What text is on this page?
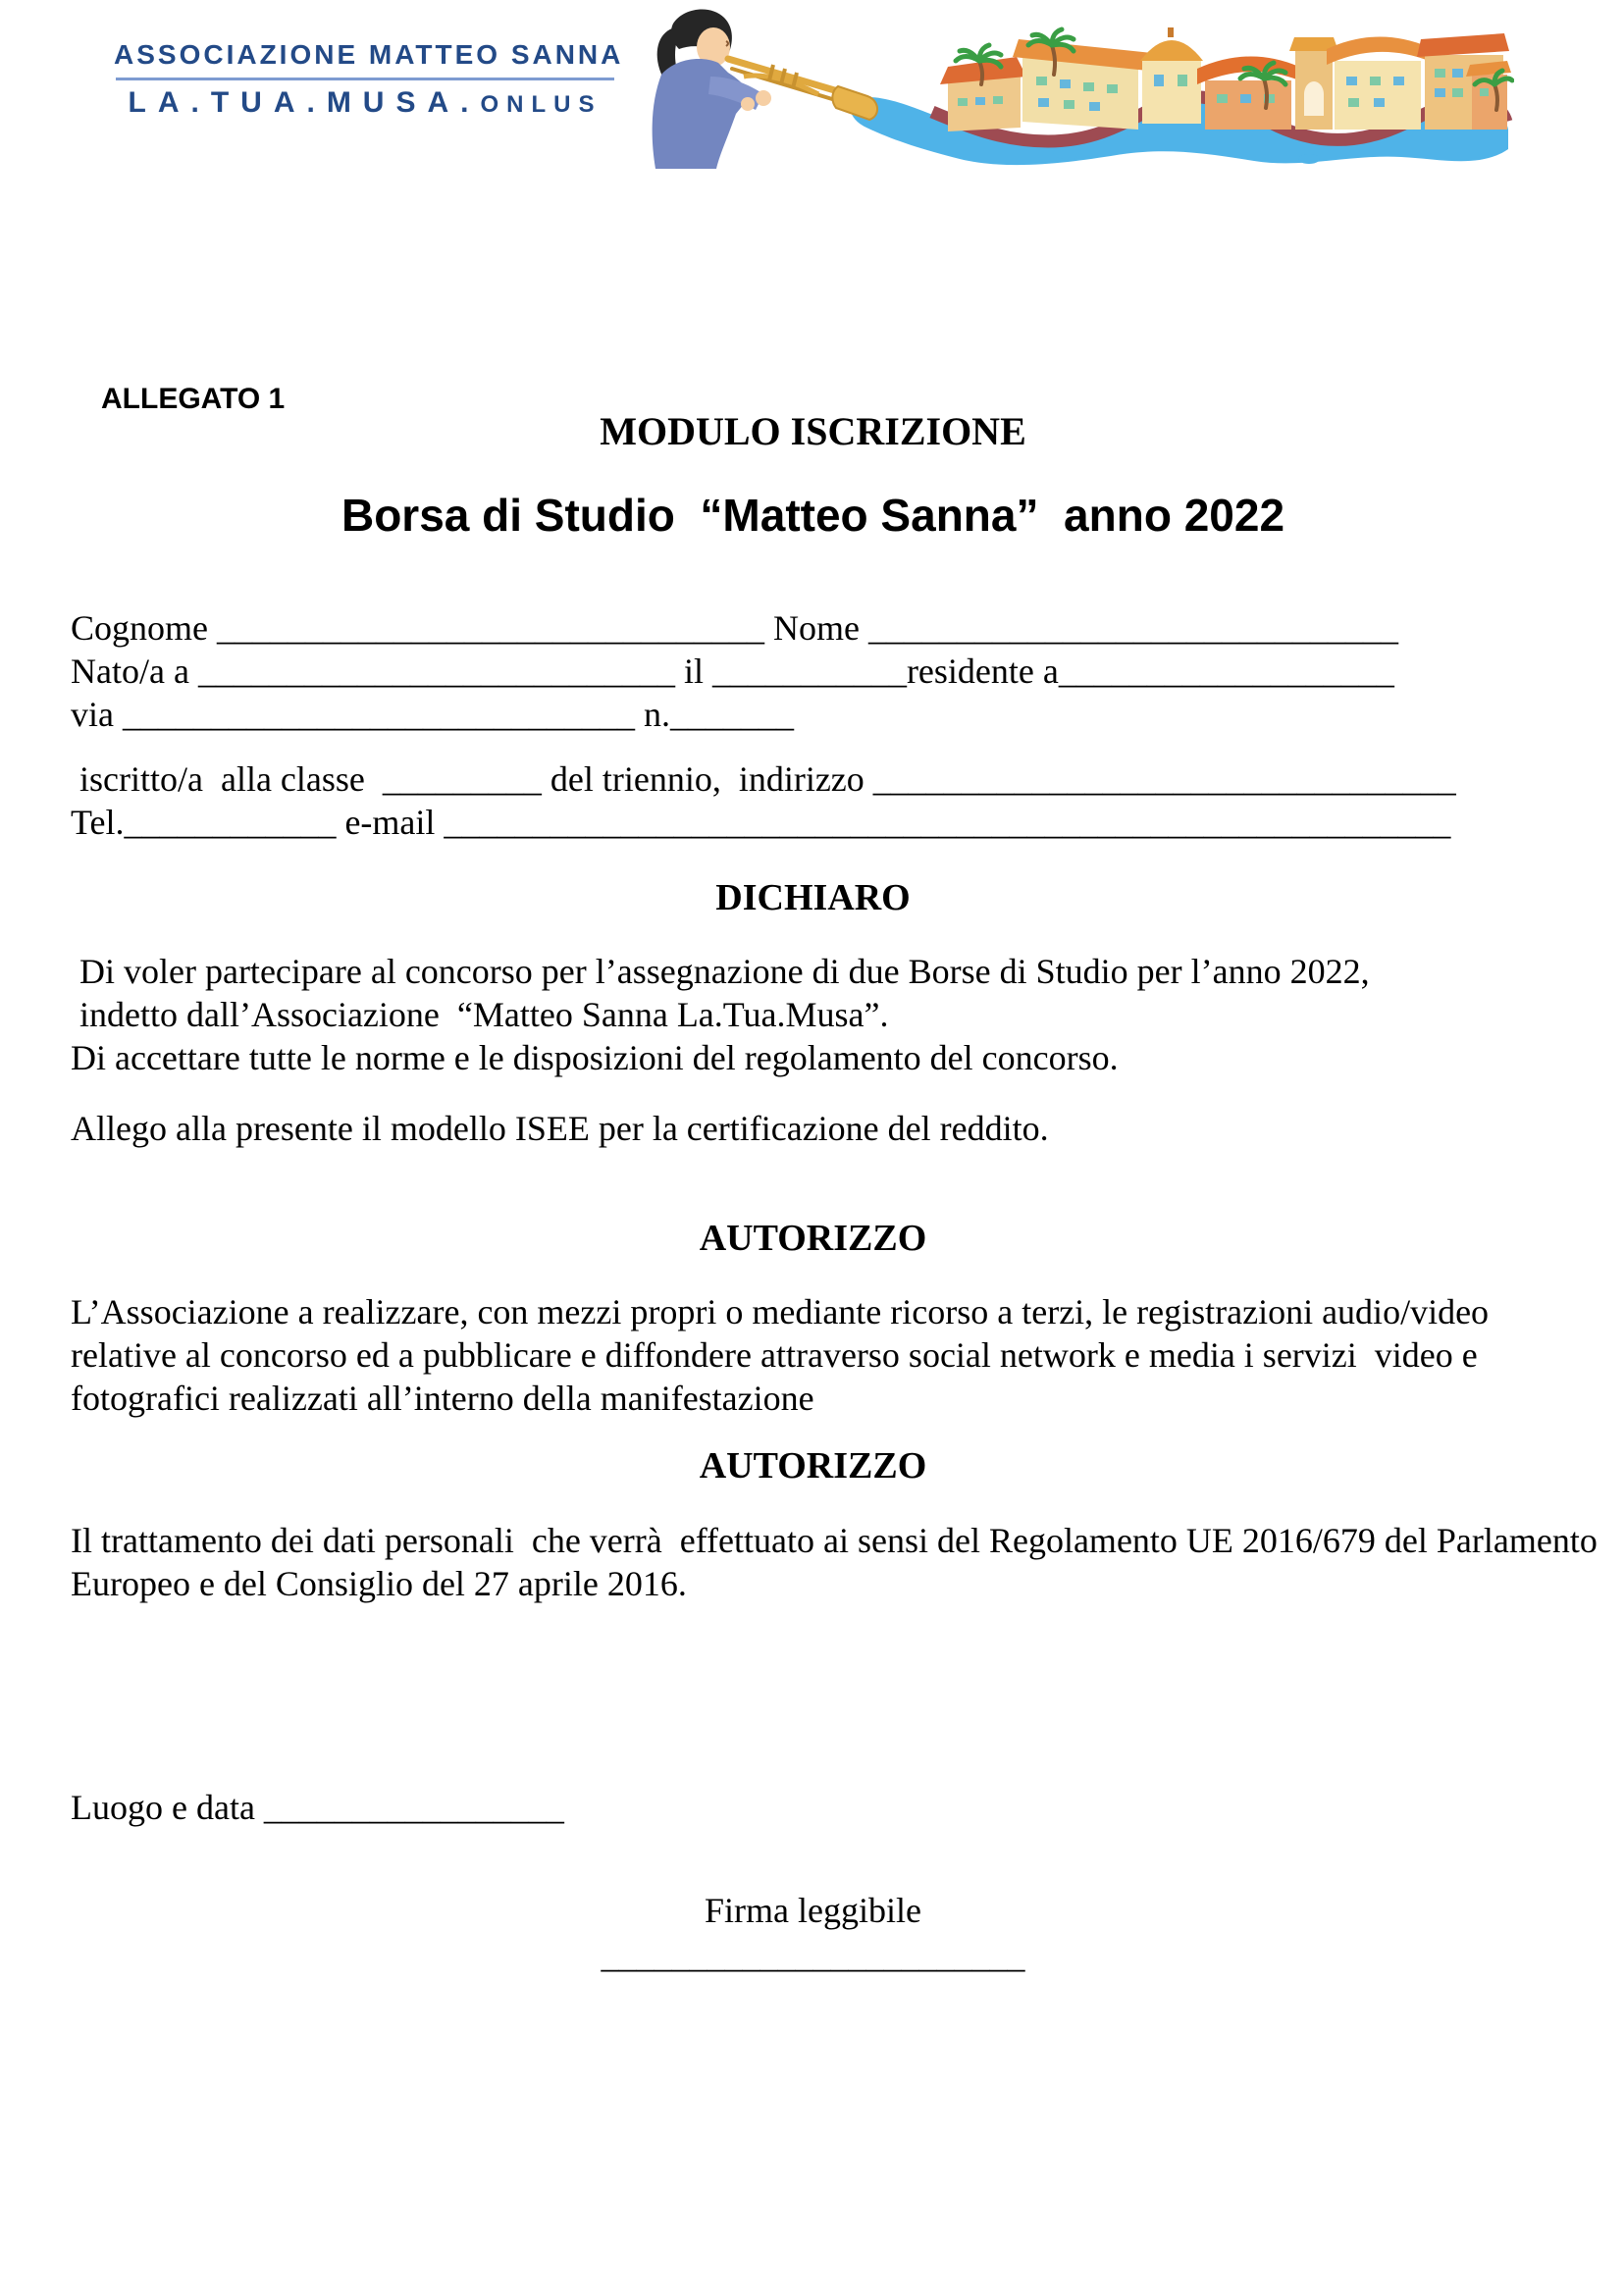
ASSOCIAZIONE MATTEO SANNA
LA.TUA.MUSA.ONLUS
ALLEGATO 1
MODULO ISCRIZIONE
Borsa di Studio  “Matteo Sanna”  anno 2022
Cognome _______________________________ Nome ______________________________
Nato/a a ___________________________ il ___________residente a___________________
via _____________________________ n._______
iscritto/a  alla classe  _________ del triennio,  indirizzo _________________________________
Tel.____________ e-mail _________________________________________________________
DICHIARO
Di voler partecipare al concorso per l’assegnazione di due Borse di Studio per l’anno 2022,
indetto dall’Associazione  “Matteo Sanna La.Tua.Musa”.
Di accettare tutte le norme e le disposizioni del regolamento del concorso.
Allego alla presente il modello ISEE per la certificazione del reddito.
AUTORIZZO
L’Associazione a realizzare, con mezzi propri o mediante ricorso a terzi, le registrazioni audio/video
relative al concorso ed a pubblicare e diffondere attraverso social network e media i servizi  video e
fotografici realizzati all’interno della manifestazione
AUTORIZZO
Il trattamento dei dati personali  che verrà  effettuato ai sensi del Regolamento UE 2016/679 del Parlamento
Europeo e del Consiglio del 27 aprile 2016.
Luogo e data _________________
Firma leggibile
________________________
